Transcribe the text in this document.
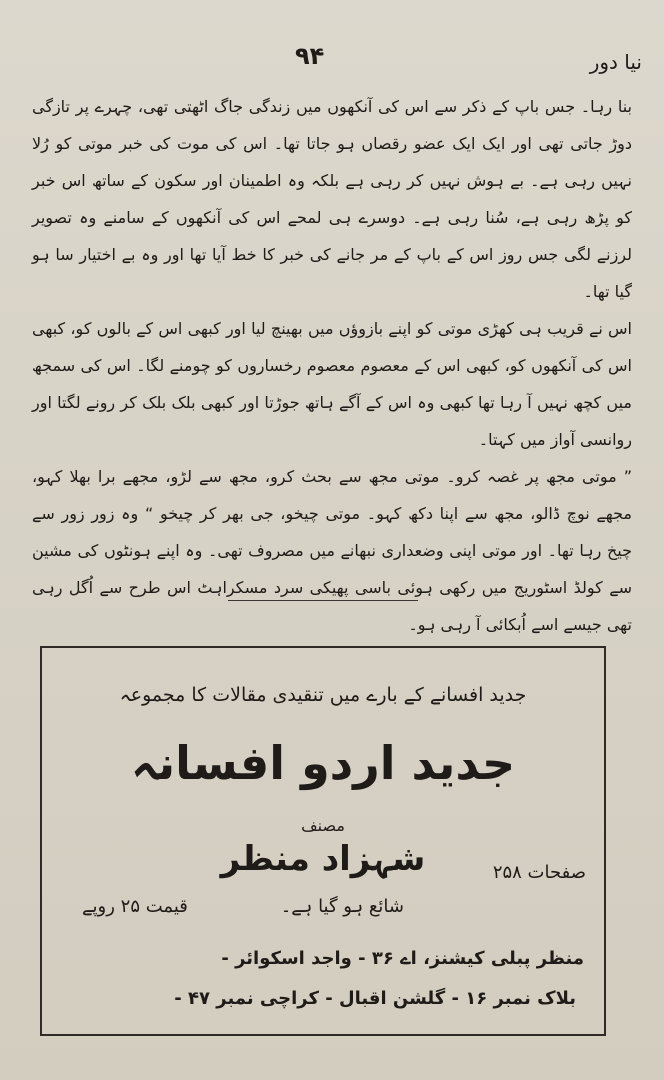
۹۴	نیا دور

بنا رہا۔ جس باپ کے ذکر سے اس کی آنکھوں میں زندگی جاگ اٹھتی تھی، چہرے پر تازگی دوڑ جاتی تھی اور ایک ایک عضو رقصاں ہو جاتا تھا۔ اس کی موت کی خبر موتی کو رُلا نہیں رہی ہے۔ بے ہوش نہیں کر رہی ہے بلکہ وہ اطمینان اور سکون کے ساتھ اس خبر کو پڑھ رہی ہے، سُنا رہی ہے۔ دوسرے ہی لمحے اس کی آنکھوں کے سامنے وہ تصویر لرزنے لگی جس روز اس کے باپ کے مر جانے کی خبر کا خط آیا تھا اور وہ بے اختیار سا ہو گیا تھا۔

اس نے قریب ہی کھڑی موتی کو اپنے بازوؤں میں بھینچ لیا اور کبھی اس کے بالوں کو، کبھی اس کی آنکھوں کو، کبھی اس کے معصوم معصوم رخساروں کو چومنے لگا۔ اس کی سمجھ میں کچھ نہیں آ رہا تھا کبھی وہ اس کے آگے ہاتھ جوڑتا اور کبھی بلک بلک کر رونے لگتا اور روانسی آواز میں کہتا۔

” موتی مجھ پر غصہ کرو۔ موتی مجھ سے بحث کرو، مجھ سے لڑو، مجھے برا بھلا کہو، مجھے نوچ ڈالو، مجھ سے اپنا دکھ کہو۔ موتی چیخو، جی بھر کر چیخو “ وہ زور زور سے چیخ رہا تھا۔ اور موتی اپنی وضعداری نبھانے میں مصروف تھی۔ وہ اپنے ہونٹوں کی مشین سے کولڈ اسٹوریج میں رکھی ہوئی باسی پھیکی سرد مسکراہٹ اس طرح سے اُگل رہی تھی جیسے اسے اُبکائی آ رہی ہو۔

جدید افسانے کے بارے میں تنقیدی مقالات کا مجموعہ
جدید اردو افسانہ
مصنف
شہزاد منظر	صفحات ۲۵۸
شائع ہو گیا ہے۔
قیمت ۲۵ روپے
منظر پبلی کیشنز، اے ۳۶ - واجد اسکوائر -
بلاک نمبر ۱۶ - گلشن اقبال - کراچی نمبر ۴۷ -
